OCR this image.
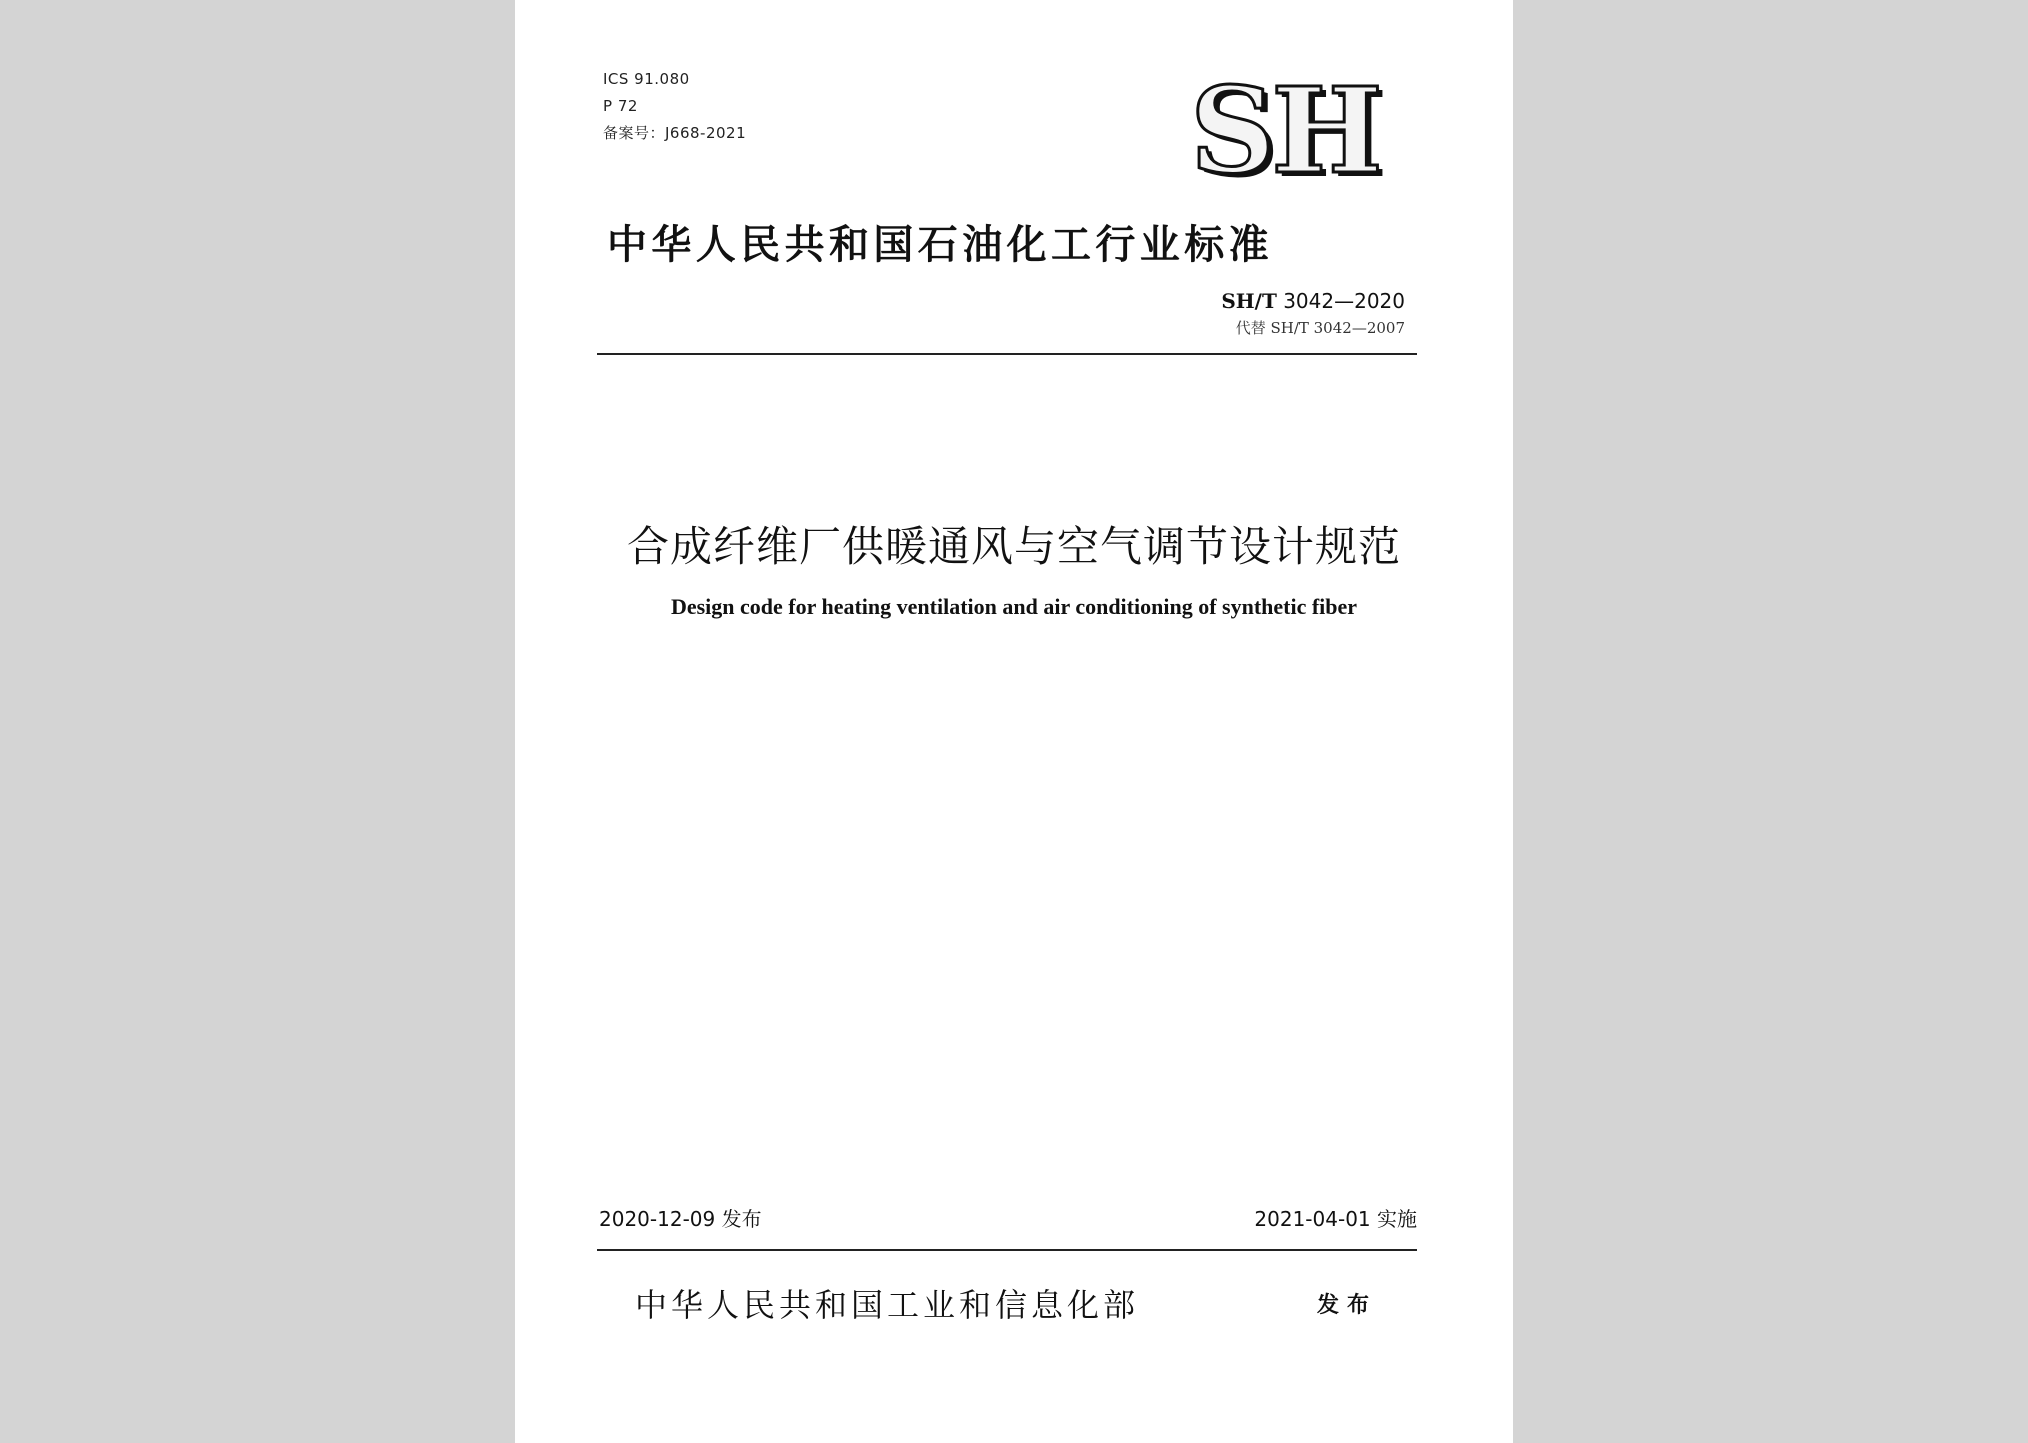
ICS 91.080
P 72
备案号：J668-2021	SH
中华人民共和国石油化工行业标准
SH/T 3042—2020
代替 SH/T 3042—2007
合成纤维厂供暖通风与空气调节设计规范
Design code for heating ventilation and air conditioning of synthetic fiber
2020-12-09 发布	2021-04-01 实施
中华人民共和国工业和信息化部	发布
